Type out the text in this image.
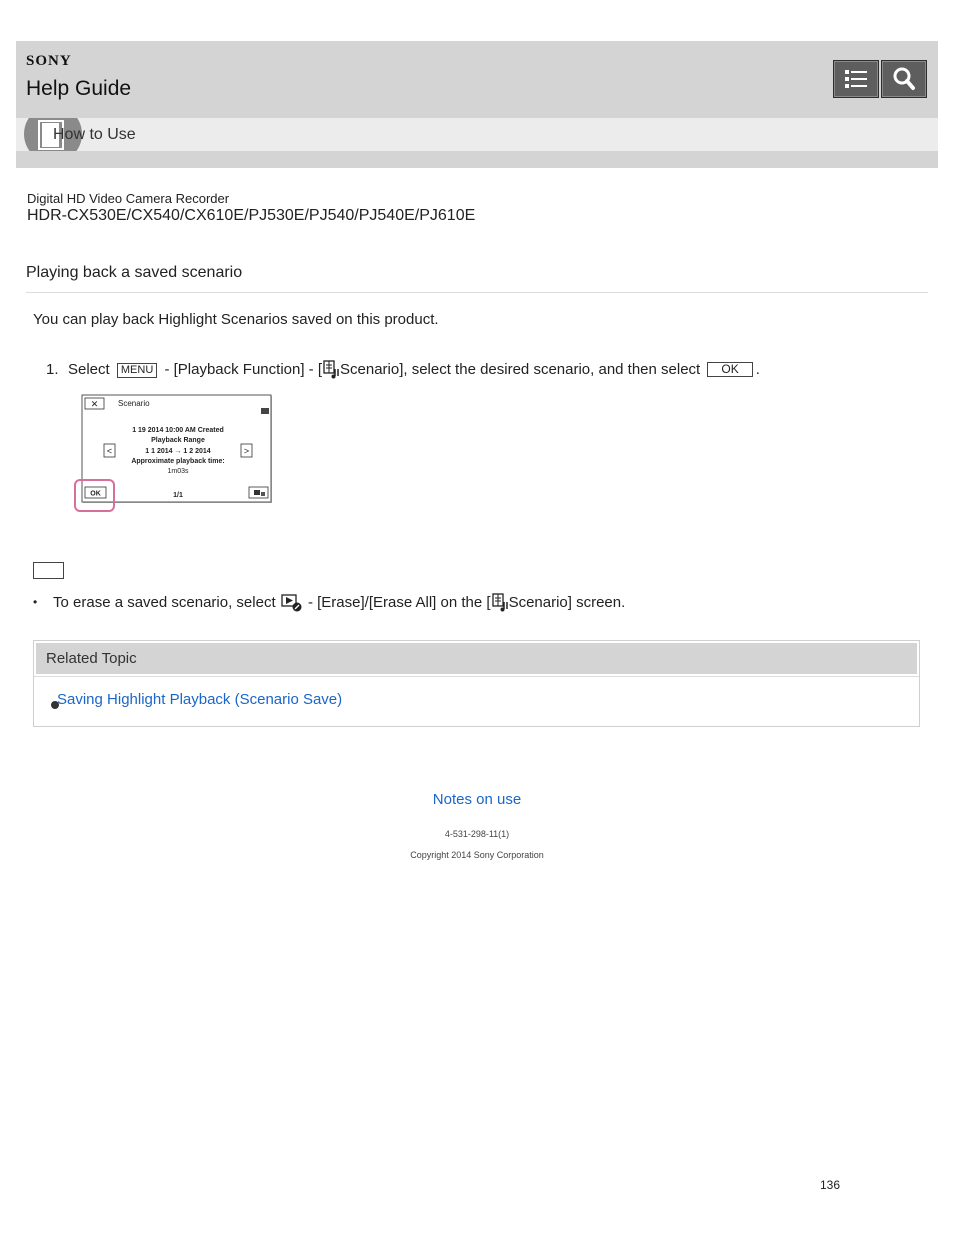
SONY
Help Guide
How to Use
Digital HD Video Camera Recorder
HDR-CX530E/CX540/CX610E/PJ530E/PJ540/PJ540E/PJ610E
Playing back a saved scenario
You can play back Highlight Scenarios saved on this product.
1. Select MENU - [Playback Function] - [ Scenario], select the desired scenario, and then select OK .
✕ Scenario
1 19 2014 10:00 AM Created
Playback Range
1 1 2014 → 1 2 2014
Approximate playback time:
1m03s
<	>
OK	1/1
• To erase a saved scenario, select - [Erase]/[Erase All] on the [ Scenario] screen.
Related Topic
Saving Highlight Playback (Scenario Save)
Notes on use
4-531-298-11(1)
Copyright 2014 Sony Corporation
136
